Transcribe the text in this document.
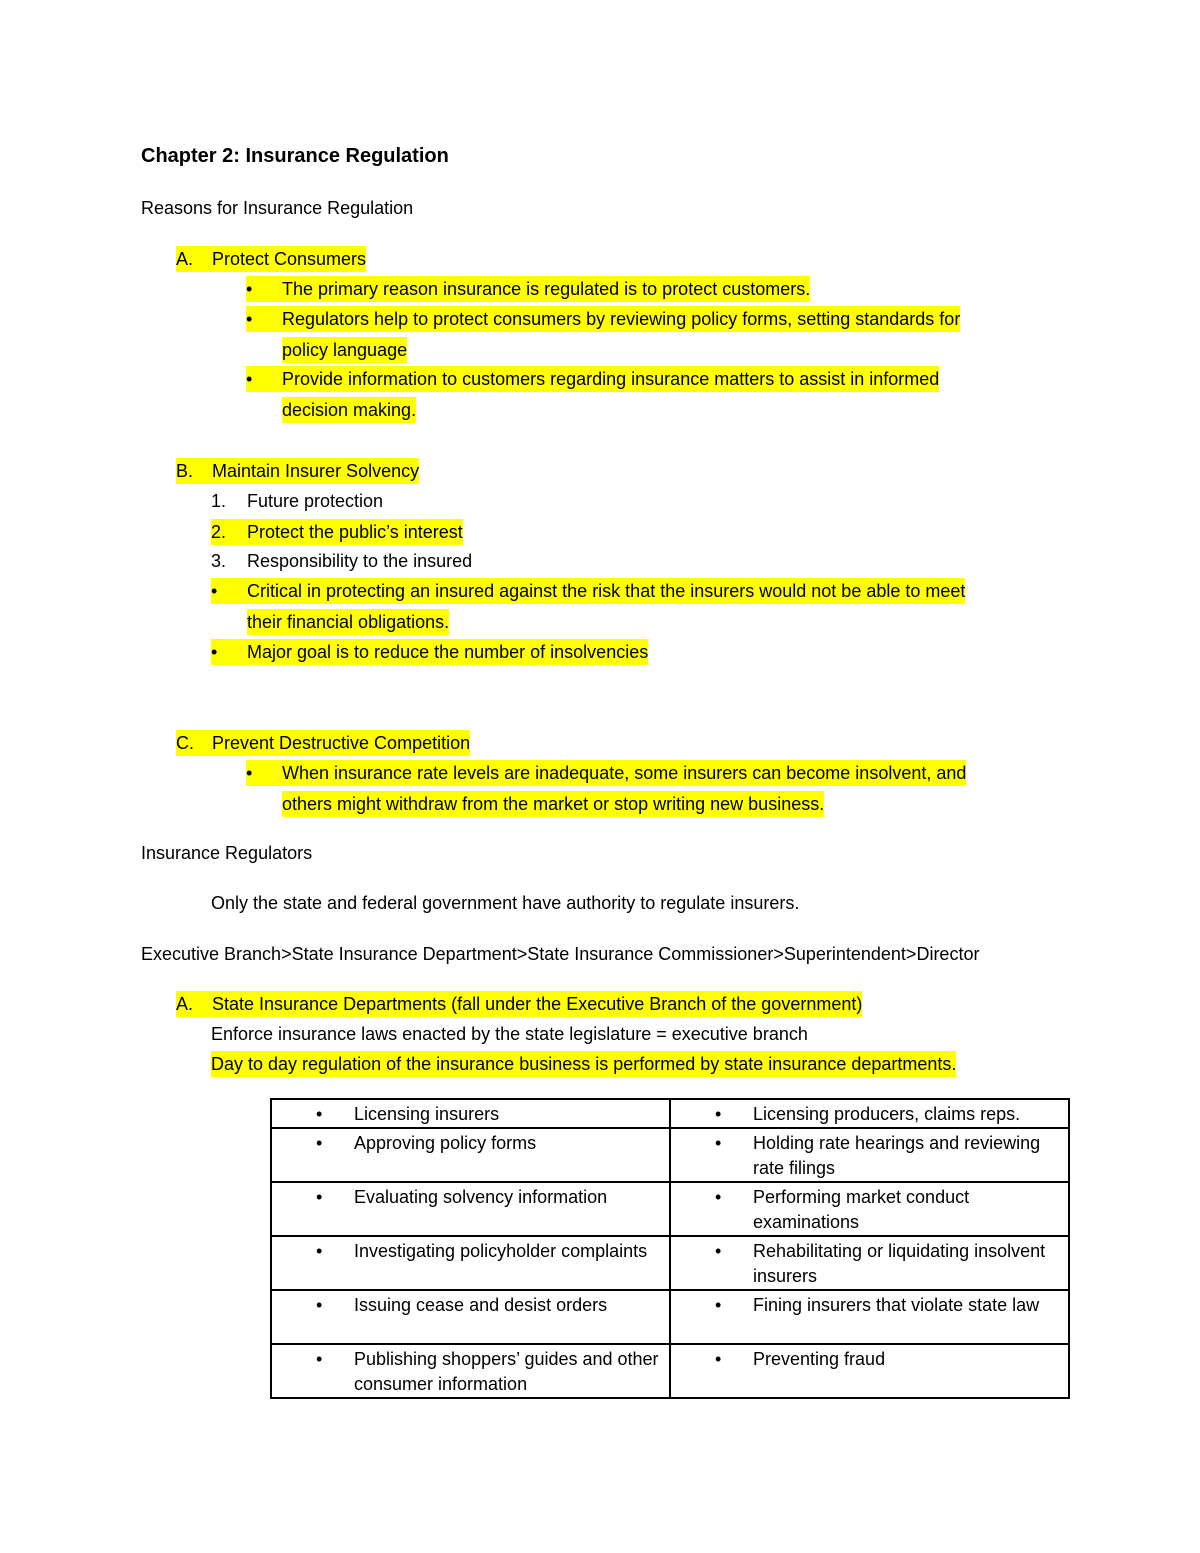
Chapter 2: Insurance Regulation
Reasons for Insurance Regulation
A. Protect Consumers
•	The primary reason insurance is regulated is to protect customers.
•	Regulators help to protect consumers by reviewing policy forms, setting standards for
policy language
•	Provide information to customers regarding insurance matters to assist in informed
decision making.
B. Maintain Insurer Solvency
1. Future protection
2. Protect the public’s interest
3. Responsibility to the insured
•	Critical in protecting an insured against the risk that the insurers would not be able to meet
their financial obligations.
•	Major goal is to reduce the number of insolvencies
C. Prevent Destructive Competition
•	When insurance rate levels are inadequate, some insurers can become insolvent, and
others might withdraw from the market or stop writing new business.
Insurance Regulators
Only the state and federal government have authority to regulate insurers.
Executive Branch>State Insurance Department>State Insurance Commissioner>Superintendent>Director
A. State Insurance Departments (fall under the Executive Branch of the government)
Enforce insurance laws enacted by the state legislature = executive branch
Day to day regulation of the insurance business is performed by state insurance departments.
• Licensing insurers	• Licensing producers, claims reps.

• Approving policy forms	• Holding rate hearings and reviewing rate filings

• Evaluating solvency information	• Performing market conduct examinations

• Investigating policyholder complaints	• Rehabilitating or liquidating insolvent insurers

• Issuing cease and desist orders	• Fining insurers that violate state law

• Publishing shoppers’ guides and other consumer information	• Preventing fraud
